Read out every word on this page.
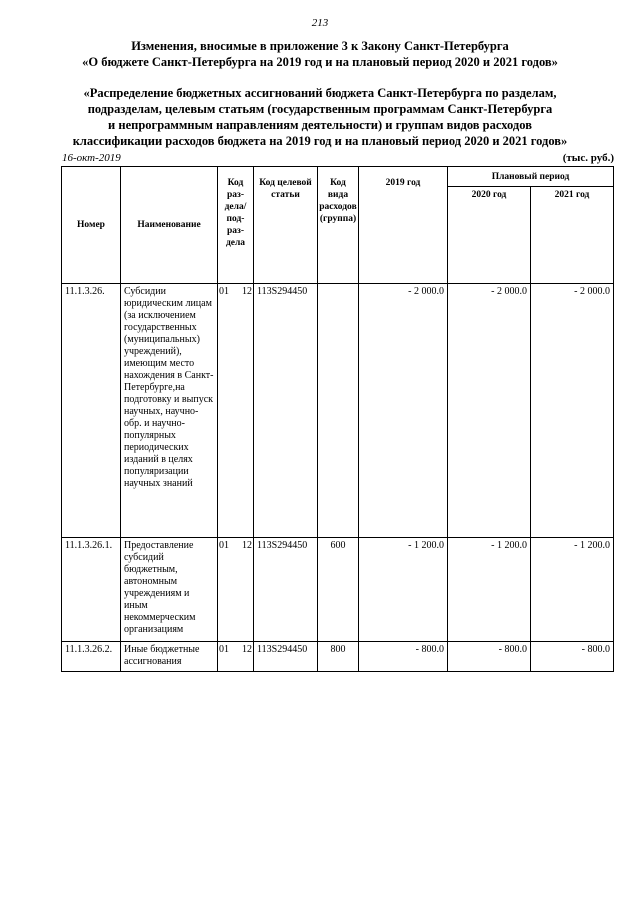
213
Изменения, вносимые в приложение 3 к Закону Санкт-Петербурга
«О бюджете Санкт-Петербурга на 2019 год и на плановый период 2020 и 2021 годов»
«Распределение бюджетных ассигнований бюджета Санкт-Петербурга по разделам,
подразделам, целевым статьям (государственным программам Санкт-Петербурга
и непрограммным направлениям деятельности) и группам видов расходов
классификации расходов бюджета на 2019 год и на плановый период 2020 и 2021 годов»
16-окт-2019	(тыс. руб.)
Номер	Наименование	Код раз-дела/ под-раз-дела	Код целевой статьи	Код вида расходов (группа)	2019 год	Плановый период	
						2020 год	2021 год
11.1.3.26.	Субсидии юридическим лицам (за исключением государственных (муниципальных) учреждений), имеющим место нахождения в Санкт-Петербурге,на подготовку и выпуск научных, научно-обр. и научно-популярных периодических изданий в целях популяризации научных знаний	01 12	113S294450		- 2 000.0	- 2 000.0	- 2 000.0
11.1.3.26.1.	Предоставление субсидий бюджетным, автономным учреждениям и иным некоммерческим организациям	01 12	113S294450	600	- 1 200.0	- 1 200.0	- 1 200.0
11.1.3.26.2.	Иные бюджетные ассигнования	01 12	113S294450	800	- 800.0	- 800.0	- 800.0
